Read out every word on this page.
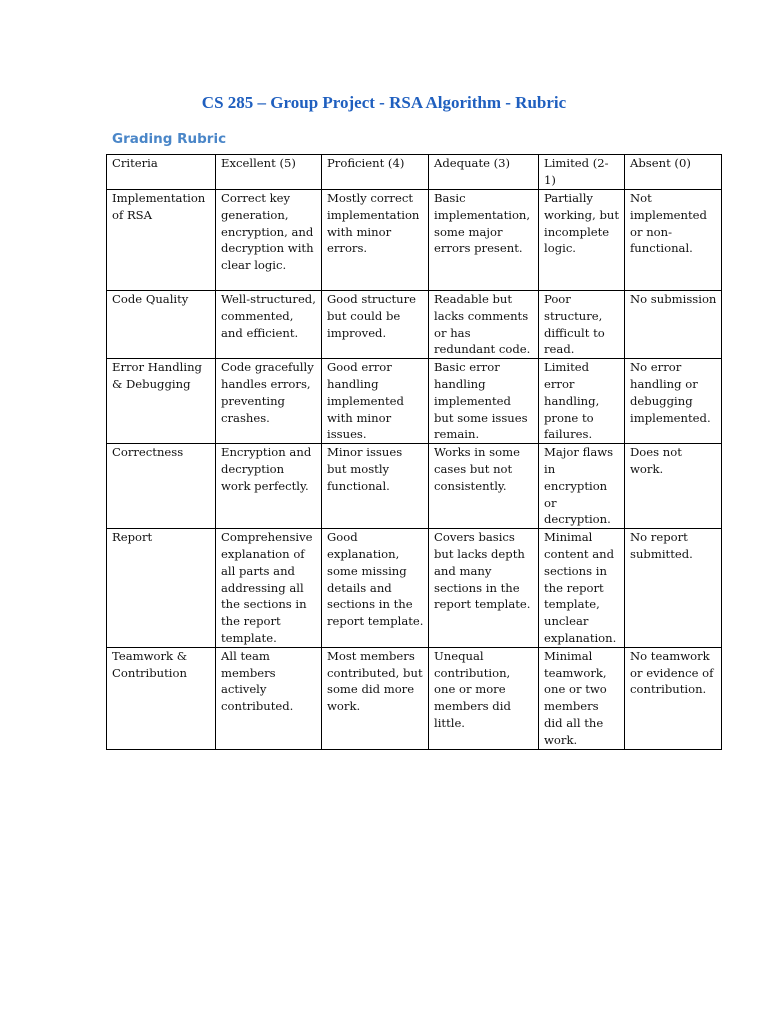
CS 285 – Group Project - RSA Algorithm - Rubric
Grading Rubric
Criteria	Excellent (5)	Proficient (4)	Adequate (3)	Limited (2-1)	Absent (0)
Implementation of RSA	Correct key generation, encryption, and decryption with clear logic.	Mostly correct implementation with minor errors.	Basic implementation, some major errors present.	Partially working, but incomplete logic.	Not implemented or non-functional.
Code Quality	Well-structured, commented, and efficient.	Good structure but could be improved.	Readable but lacks comments or has redundant code.	Poor structure, difficult to read.	No submission
Error Handling & Debugging	Code gracefully handles errors, preventing crashes.	Good error handling implemented with minor issues.	Basic error handling implemented but some issues remain.	Limited error handling, prone to failures.	No error handling or debugging implemented.
Correctness	Encryption and decryption work perfectly.	Minor issues but mostly functional.	Works in some cases but not consistently.	Major flaws in encryption or decryption.	Does not work.
Report	Comprehensive explanation of all parts and addressing all the sections in the report template.	Good explanation, some missing details and sections in the report template.	Covers basics but lacks depth and many sections in the report template.	Minimal content and sections in the report template, unclear explanation.	No report submitted.
Teamwork & Contribution	All team members actively contributed.	Most members contributed, but some did more work.	Unequal contribution, one or more members did little.	Minimal teamwork, one or two members did all the work.	No teamwork or evidence of contribution.
